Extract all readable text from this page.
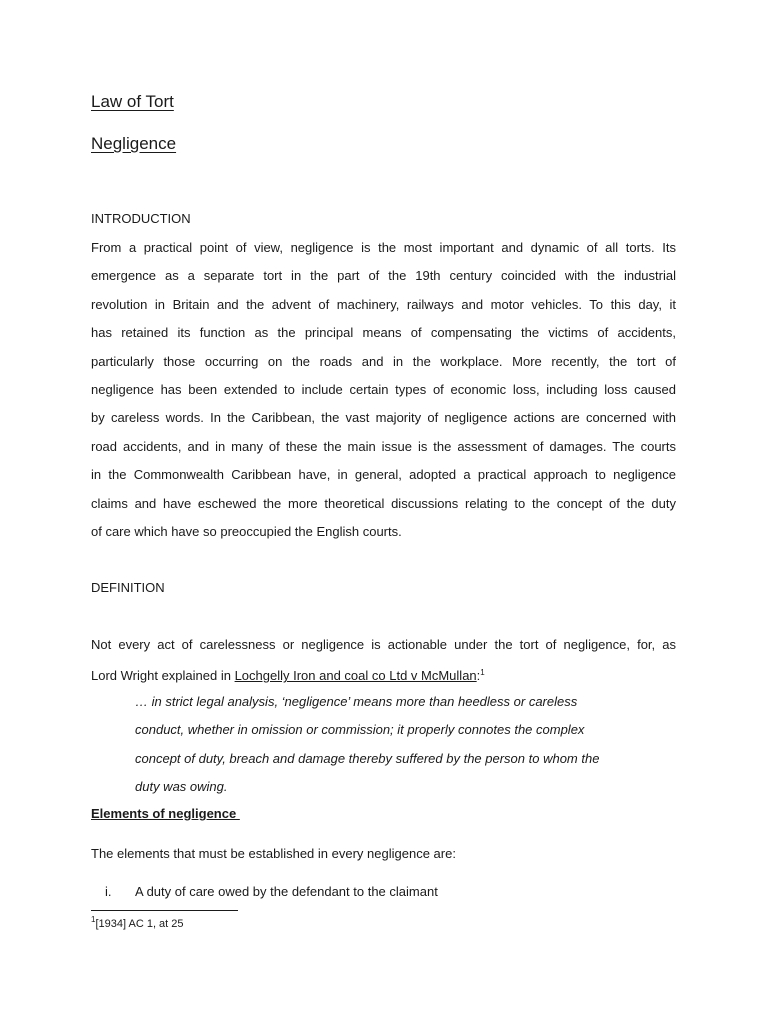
Law of Tort
Negligence
INTRODUCTION
From a practical point of view, negligence is the most important and dynamic of all torts. Its
emergence as a separate tort in the part of the 19th century coincided with the industrial
revolution in Britain and the advent of machinery, railways and motor vehicles. To this day, it
has retained its function as the principal means of compensating the victims of accidents,
particularly those occurring on the roads and in the workplace. More recently, the tort of
negligence has been extended to include certain types of economic loss, including loss caused
by careless words. In the Caribbean, the vast majority of negligence actions are concerned with
road accidents, and in many of these the main issue is the assessment of damages. The courts
in the Commonwealth Caribbean have, in general, adopted a practical approach to negligence
claims and have eschewed the more theoretical discussions relating to the concept of the duty
of care which have so preoccupied the English courts.
DEFINITION
Not every act of carelessness or negligence is actionable under the tort of negligence, for, as
Lord Wright explained in Lochgelly Iron and coal co Ltd v McMullan:$^1$
… in strict legal analysis, ‘negligence’ means more than heedless or careless
conduct, whether in omission or commission; it properly connotes the complex
concept of duty, breach and damage thereby suffered by the person to whom the
duty was owing.
Elements of negligence
The elements that must be established in every negligence are:
i. A duty of care owed by the defendant to the claimant
$^1$[1934] AC 1, at 25
